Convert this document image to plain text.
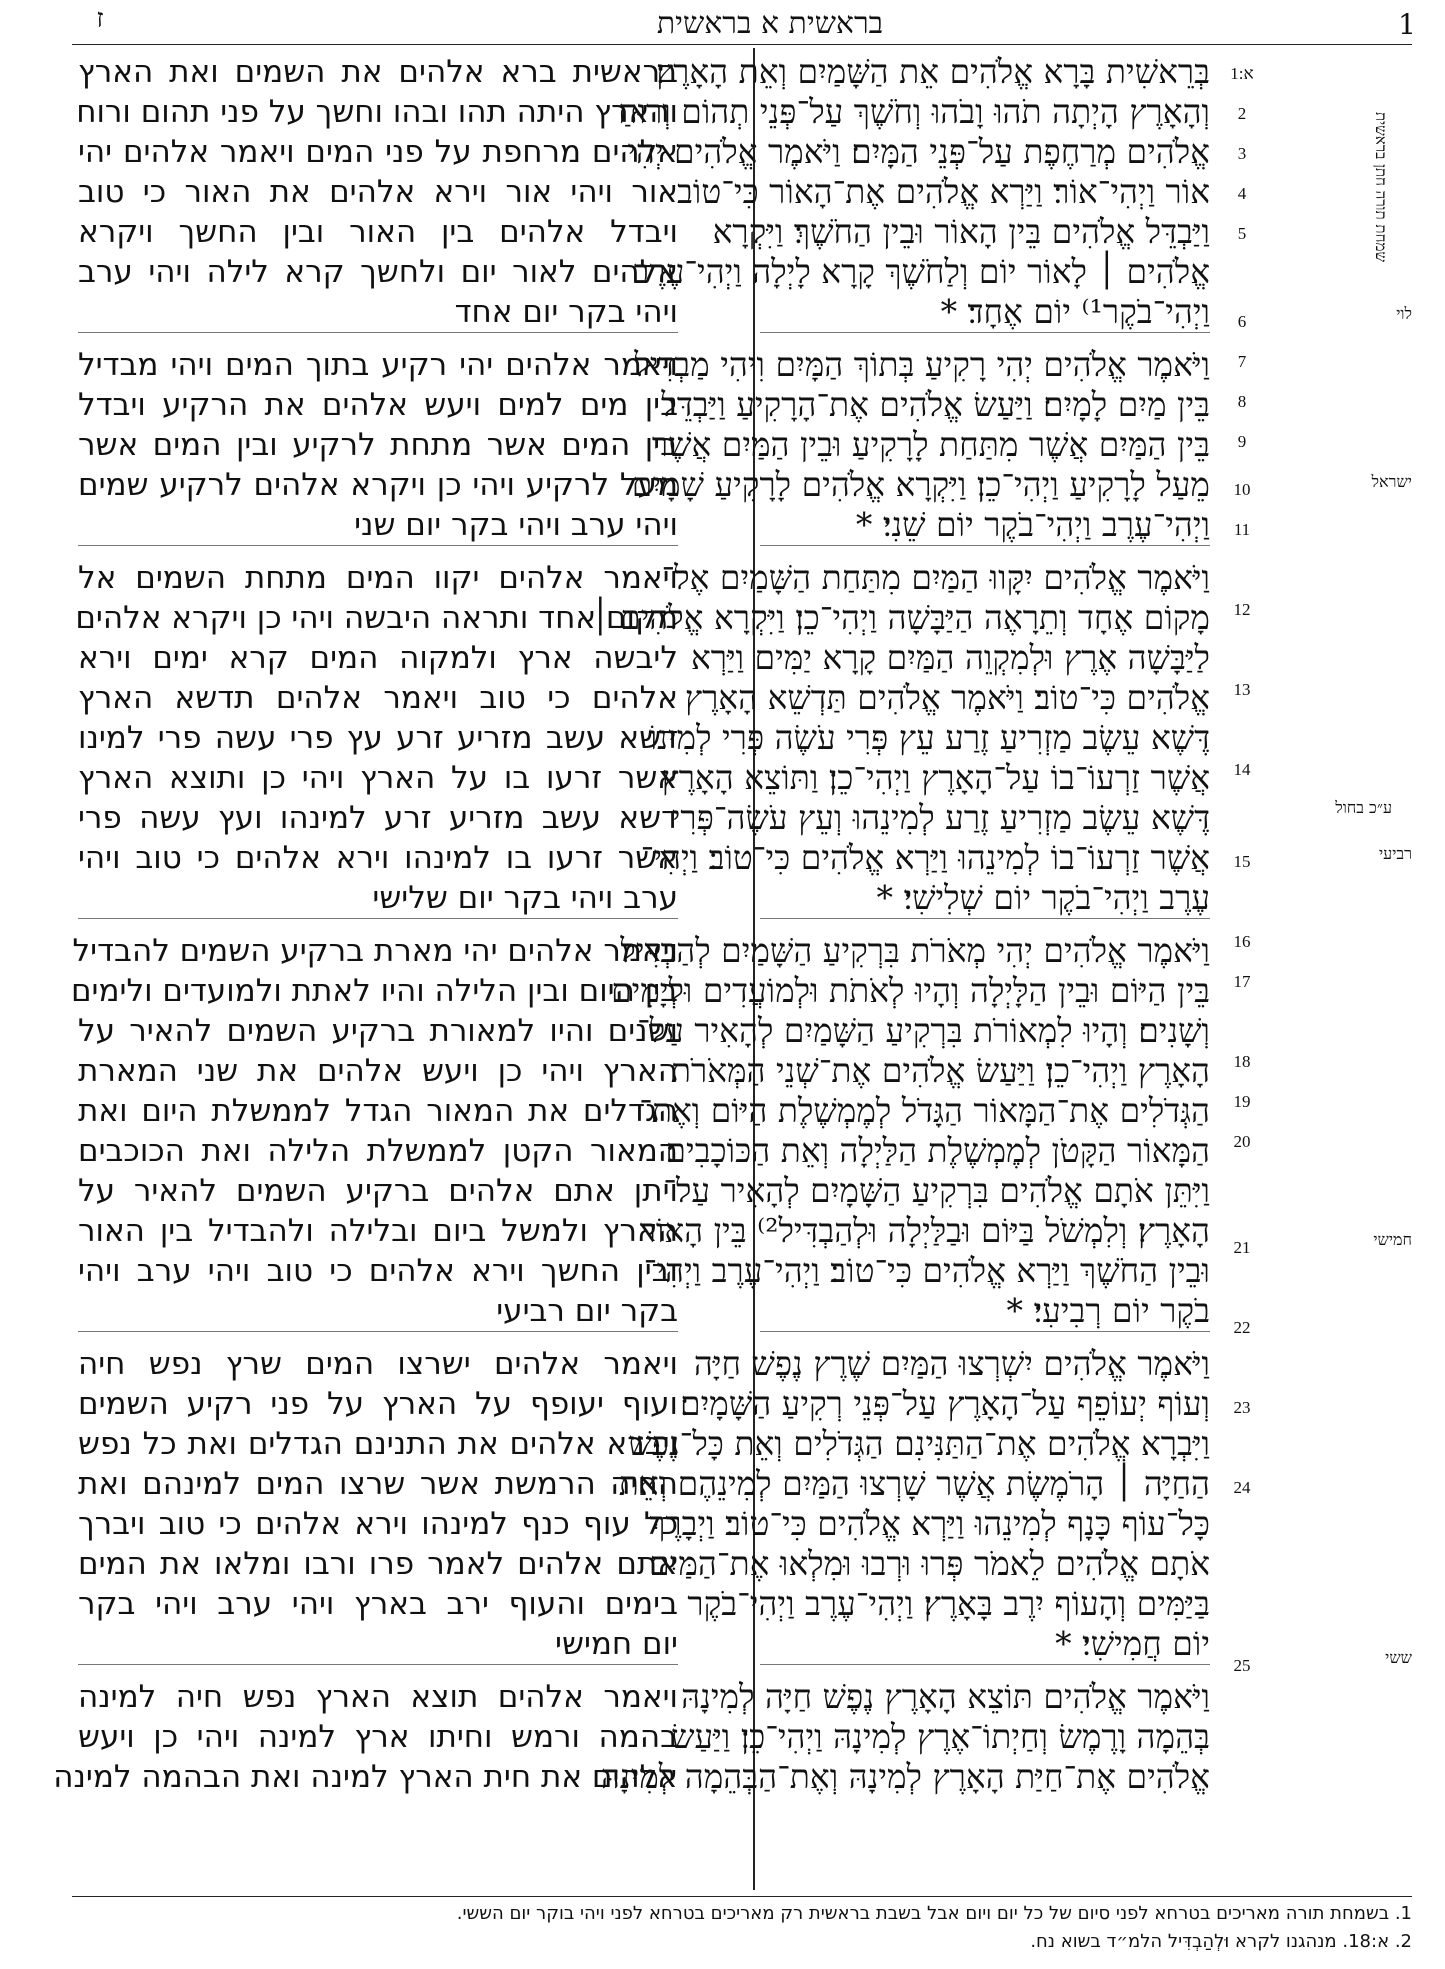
ז	בראשית א בראשית	1
בְּרֵאשִׁית בָּרָא אֱלֹהִים אֵת הַשָּׁמַיִם וְאֵת הָאָרֶץ׃
וְהָאָרֶץ הָיְתָה תֹהוּ וָבֹהוּ וְחֹשֶׁךְ עַל־פְּנֵי תְהוֹם וְרוּחַ
אֱלֹהִים מְרַחֶפֶת עַל־פְּנֵי הַמָּיִם׃ וַיֹּאמֶר אֱלֹהִים יְהִי
אוֹר וַיְהִי־אוֹר׃ וַיַּרְא אֱלֹהִים אֶת־הָאוֹר כִּי־טוֹב
וַיַּבְדֵּל אֱלֹהִים בֵּין הָאוֹר וּבֵין הַחֹשֶׁךְ׃ וַיִּקְרָא
אֱלֹהִים ׀ לָאוֹר יוֹם וְלַחֹשֶׁךְ קָרָא לָיְלָה וַיְהִי־עֶרֶב
וַיְהִי־בֹקֶר¹⁾ יוֹם אֶחָד׃ *
וַיֹּאמֶר אֱלֹהִים יְהִי רָקִיעַ בְּתוֹךְ הַמָּיִם וִיהִי מַבְדִּיל
בֵּין מַיִם לָמָיִם׃ וַיַּעַשׂ אֱלֹהִים אֶת־הָרָקִיעַ וַיַּבְדֵּל
בֵּין הַמַּיִם אֲשֶׁר מִתַּחַת לָרָקִיעַ וּבֵין הַמַּיִם אֲשֶׁר
מֵעַל לָרָקִיעַ וַיְהִי־כֵן׃ וַיִּקְרָא אֱלֹהִים לָרָקִיעַ שָׁמָיִם
וַיְהִי־עֶרֶב וַיְהִי־בֹקֶר יוֹם שֵׁנִי׃ *
וַיֹּאמֶר אֱלֹהִים יִקָּווּ הַמַּיִם מִתַּחַת הַשָּׁמַיִם אֶל־
מָקוֹם אֶחָד וְתֵרָאֶה הַיַּבָּשָׁה וַיְהִי־כֵן׃ וַיִּקְרָא אֱלֹהִים ׀
לַיַּבָּשָׁה אֶרֶץ וּלְמִקְוֵה הַמַּיִם קָרָא יַמִּים וַיַּרְא
אֱלֹהִים כִּי־טוֹב׃ וַיֹּאמֶר אֱלֹהִים תַּדְשֵׁא הָאָרֶץ
דֶּשֶׁא עֵשֶׂב מַזְרִיעַ זֶרַע עֵץ פְּרִי עֹשֶׂה פְּרִי לְמִינוֹ
אֲשֶׁר זַרְעוֹ־בוֹ עַל־הָאָרֶץ וַיְהִי־כֵן׃ וַתּוֹצֵא הָאָרֶץ
דֶּשֶׁא עֵשֶׂב מַזְרִיעַ זֶרַע לְמִינֵהוּ וְעֵץ עֹשֶׂה־פְּרִי
אֲשֶׁר זַרְעוֹ־בוֹ לְמִינֵהוּ וַיַּרְא אֱלֹהִים כִּי־טוֹב׃ וַיְהִי־
עֶרֶב וַיְהִי־בֹקֶר יוֹם שְׁלִישִׁי׃ *
וַיֹּאמֶר אֱלֹהִים יְהִי מְאֹרֹת בִּרְקִיעַ הַשָּׁמַיִם לְהַבְדִּיל
בֵּין הַיּוֹם וּבֵין הַלָּיְלָה וְהָיוּ לְאֹתֹת וּלְמוֹעֲדִים וּלְיָמִים
וְשָׁנִים׃ וְהָיוּ לִמְאוֹרֹת בִּרְקִיעַ הַשָּׁמַיִם לְהָאִיר עַל־
הָאָרֶץ וַיְהִי־כֵן׃ וַיַּעַשׂ אֱלֹהִים אֶת־שְׁנֵי הַמְּאֹרֹת
הַגְּדֹלִים אֶת־הַמָּאוֹר הַגָּדֹל לְמֶמְשֶׁלֶת הַיּוֹם וְאֶת־
הַמָּאוֹר הַקָּטֹן לְמֶמְשֶׁלֶת הַלַּיְלָה וְאֵת הַכּוֹכָבִים׃
וַיִּתֵּן אֹתָם אֱלֹהִים בִּרְקִיעַ הַשָּׁמָיִם לְהָאִיר עַל־
הָאָרֶץ׃ וְלִמְשֹׁל בַּיּוֹם וּבַלַּיְלָה וּלְהַבְדִּיל²⁾ בֵּין הָאוֹר
וּבֵין הַחֹשֶׁךְ וַיַּרְא אֱלֹהִים כִּי־טוֹב׃ וַיְהִי־עֶרֶב וַיְהִי־
בֹקֶר יוֹם רְבִיעִי׃ *
וַיֹּאמֶר אֱלֹהִים יִשְׁרְצוּ הַמַּיִם שֶׁרֶץ נֶפֶשׁ חַיָּה
וְעוֹף יְעוֹפֵף עַל־הָאָרֶץ עַל־פְּנֵי רְקִיעַ הַשָּׁמָיִם׃
וַיִּבְרָא אֱלֹהִים אֶת־הַתַּנִּינִם הַגְּדֹלִים וְאֵת כָּל־נֶפֶשׁ
הַחַיָּה ׀ הָרֹמֶשֶׂת אֲשֶׁר שָׁרְצוּ הַמַּיִם לְמִינֵהֶם וְאֵת
כָּל־עוֹף כָּנָף לְמִינֵהוּ וַיַּרְא אֱלֹהִים כִּי־טוֹב׃ וַיְבָרֶךְ
אֹתָם אֱלֹהִים לֵאמֹר פְּרוּ וּרְבוּ וּמִלְאוּ אֶת־הַמַּיִם
בַּיַּמִּים וְהָעוֹף יִרֶב בָּאָרֶץ׃ וַיְהִי־עֶרֶב וַיְהִי־בֹקֶר
יוֹם חֲמִישִׁי׃ *
וַיֹּאמֶר אֱלֹהִים תּוֹצֵא הָאָרֶץ נֶפֶשׁ חַיָּה לְמִינָהּ
בְּהֵמָה וָרֶמֶשׂ וְחַיְתוֹ־אֶרֶץ לְמִינָהּ וַיְהִי־כֵן׃ וַיַּעַשׂ
אֱלֹהִים אֶת־חַיַּת הָאָרֶץ לְמִינָהּ וְאֶת־הַבְּהֵמָה לְמִינָהּ
בראשית ברא אלהים את השמים ואת הארץ
והארץ היתה תהו ובהו וחשך על פני תהום ורוח
אלהים מרחפת על פני המים ויאמר אלהים יהי
אור ויהי אור וירא אלהים את האור כי טוב
ויבדל אלהים בין האור ובין החשך ויקרא
אלהים לאור יום ולחשך קרא לילה ויהי ערב
ויהי בקר יום אחד
ויאמר אלהים יהי רקיע בתוך המים ויהי מבדיל
בין מים למים ויעש אלהים את הרקיע ויבדל
בין המים אשר מתחת לרקיע ובין המים אשר
מעל לרקיע ויהי כן ויקרא אלהים לרקיע שמים
ויהי ערב ויהי בקר יום שני
ויאמר אלהים יקוו המים מתחת השמים אל
מקום אחד ותראה היבשה ויהי כן ויקרא אלהים
ליבשה ארץ ולמקוה המים קרא ימים וירא
אלהים כי טוב ויאמר אלהים תדשא הארץ
דשא עשב מזריע זרע עץ פרי עשה פרי למינו
אשר זרעו בו על הארץ ויהי כן ותוצא הארץ
דשא עשב מזריע זרע למינהו ועץ עשה פרי
אשר זרעו בו למינהו וירא אלהים כי טוב ויהי
ערב ויהי בקר יום שלישי
ויאמר אלהים יהי מארת ברקיע השמים להבדיל
בין היום ובין הלילה והיו לאתת ולמועדים ולימים
ושנים והיו למאורת ברקיע השמים להאיר על
הארץ ויהי כן ויעש אלהים את שני המארת
הגדלים את המאור הגדל לממשלת היום ואת
המאור הקטן לממשלת הלילה ואת הכוכבים
ויתן אתם אלהים ברקיע השמים להאיר על
הארץ ולמשל ביום ובלילה ולהבדיל בין האור
ובין החשך וירא אלהים כי טוב ויהי ערב ויהי
בקר יום רביעי
ויאמר אלהים ישרצו המים שרץ נפש חיה
ועוף יעופף על הארץ על פני רקיע השמים
ויברא אלהים את התנינם הגדלים ואת כל נפש
החיה הרמשת אשר שרצו המים למינהם ואת
כל עוף כנף למינהו וירא אלהים כי טוב ויברך
אתם אלהים לאמר פרו ורבו ומלאו את המים
בימים והעוף ירב בארץ ויהי ערב ויהי בקר
יום חמישי
ויאמר אלהים תוצא הארץ נפש חיה למינה
בהמה ורמש וחיתו ארץ למינה ויהי כן ויעש
אלהים את חית הארץ למינה ואת הבהמה למינה
1:א
2
3
4
5
6
7
8
9
10
11
12
13
14
15
16
17
18
19
20
21
22
23
24
25
שמחת תורה חתן בראשית
לוי
ישראל
ע״כ בחול
רביעי
חמישי
ששי
1. בשמחת תורה מאריכים בטרחא לפני סיום של כל יום ויום אבל בשבת בראשית רק מאריכים בטרחא לפני ויהי בוקר יום הששי.
2. א:18. מנהגנו לקרא וּלְהַבְדִּיל הלמ״ד בשוא נח.
